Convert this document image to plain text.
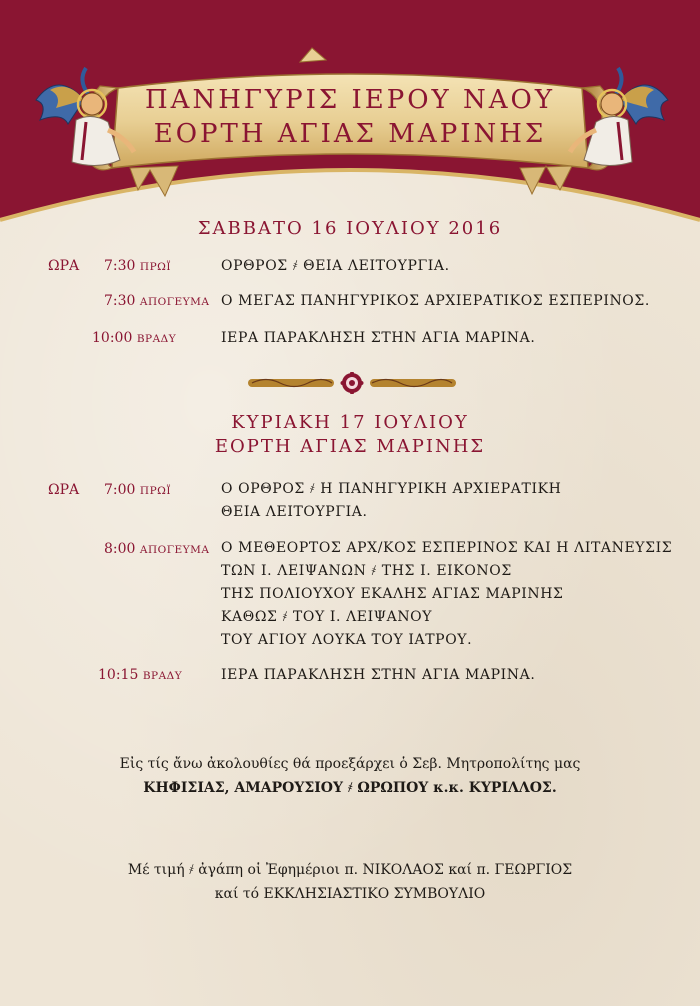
ΠΑΝΗΓΥΡΙΣ ΙΕΡΟΥ ΝΑΟΥ
ΕΟΡΤΗ ΑΓΙΑΣ ΜΑΡΙΝΗΣ
ΣΑΒΒΑΤΟ 16 ΙΟΥΛΙΟΥ 2016
ΩΡΑ 7:30 ΠΡΩΪ	ΟΡΘΡΟΣ ҂ ΘΕΙΑ ΛΕΙΤΟΥΡΓΙΑ.
7:30 ΑΠΟΓΕΥΜΑ Ο ΜΕΓΑΣ ΠΑΝΗΓΥΡΙΚΟΣ ΑΡΧΙΕΡΑΤΙΚΟΣ ΕΣΠΕΡΙΝΟΣ.
10:00 ΒΡΑΔΥ	ΙΕΡΑ ΠΑΡΑΚΛΗΣΗ ΣΤΗΝ ΑΓΙΑ ΜΑΡΙΝΑ.
ΚΥΡΙΑΚΗ 17 ΙΟΥΛΙΟΥ
ΕΟΡΤΗ ΑΓΙΑΣ ΜΑΡΙΝΗΣ
ΩΡΑ 7:00 ΠΡΩΪ	Ο ΟΡΘΡΟΣ ҂ Η ΠΑΝΗΓΥΡΙΚΗ ΑΡΧΙΕΡΑΤΙΚΗ
ΘΕΙΑ ΛΕΙΤΟΥΡΓΙΑ.
8:00 ΑΠΟΓΕΥΜΑ Ο ΜΕΘΕΟΡΤΟΣ ΑΡΧ/ΚΟΣ ΕΣΠΕΡΙΝΟΣ ΚΑΙ Η ΛΙΤΑΝΕΥΣΙΣ
ΤΩΝ Ι. ΛΕΙΨΑΝΩΝ ҂ ΤΗΣ Ι. ΕΙΚΟΝΟΣ
ΤΗΣ ΠΟΛΙΟΥΧΟΥ ΕΚΑΛΗΣ ΑΓΙΑΣ ΜΑΡΙΝΗΣ
ΚΑΘΩΣ ҂ ΤΟΥ Ι. ΛΕΙΨΑΝΟΥ
ΤΟΥ ΑΓΙΟΥ ΛΟΥΚΑ ΤΟΥ ΙΑΤΡΟΥ.
10:15 ΒΡΑΔΥ	ΙΕΡΑ ΠΑΡΑΚΛΗΣΗ ΣΤΗΝ ΑΓΙΑ ΜΑΡΙΝΑ.
Εἰς τίς ἄνω ἀκολουθίες θά προεξάρχει ὁ Σεβ. Μητροπολίτης μας
ΚΗΦΙΣΙΑΣ, ΑΜΑΡΟΥΣΙΟΥ ҂ ΩΡΩΠΟΥ κ.κ. ΚΥΡΙΛΛΟΣ.
Μέ τιμή ҂ ἀγάπη οἱ Ἐφημέριοι π. ΝΙΚΟΛΑΟΣ καί π. ΓΕΩΡΓΙΟΣ
καί τό ΕΚΚΛΗΣΙΑΣΤΙΚΟ ΣΥΜΒΟΥΛΙΟ
